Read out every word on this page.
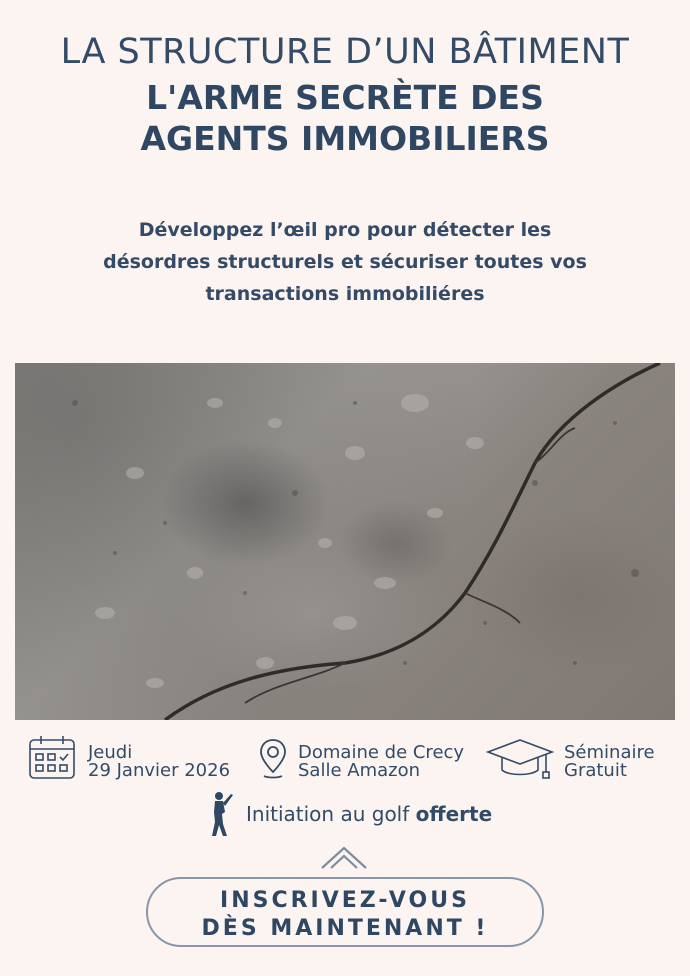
LA STRUCTURE D’UN BÂTIMENT
L'ARME SECRÈTE DES
AGENTS IMMOBILIERS
Développez l’œil pro pour détecter les
désordres structurels et sécuriser toutes vos
transactions immobiliéres
Jeudi
29 Janvier 2026
Domaine de Crecy
Salle Amazon
Séminaire
Gratuit
Initiation au golf offerte
INSCRIVEZ-VOUS
DÈS MAINTENANT !
